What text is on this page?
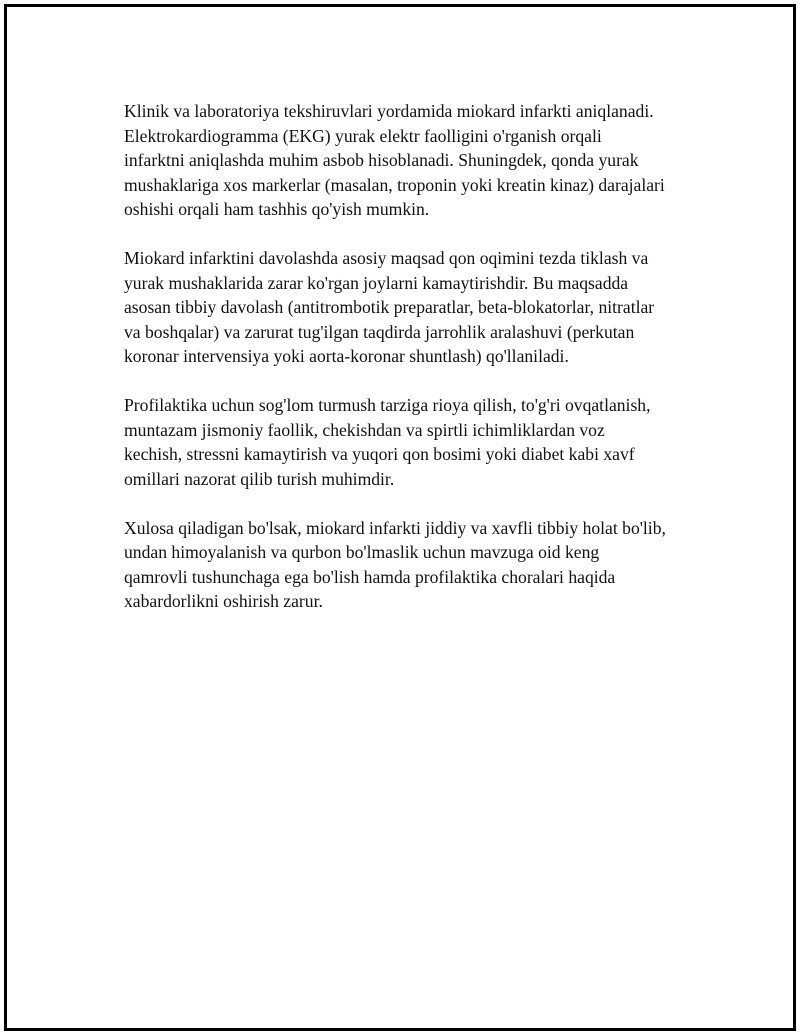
Klinik va laboratoriya tekshiruvlari yordamida miokard infarkti aniqlanadi.
Elektrokardiogramma (EKG) yurak elektr faolligini o'rganish orqali
infarktni aniqlashda muhim asbob hisoblanadi. Shuningdek, qonda yurak
mushaklariga xos markerlar (masalan, troponin yoki kreatin kinaz) darajalari
oshishi orqali ham tashhis qo'yish mumkin.

Miokard infarktini davolashda asosiy maqsad qon oqimini tezda tiklash va
yurak mushaklarida zarar ko'rgan joylarni kamaytirishdir. Bu maqsadda
asosan tibbiy davolash (antitrombotik preparatlar, beta-blokatorlar, nitratlar
va boshqalar) va zarurat tug'ilgan taqdirda jarrohlik aralashuvi (perkutan
koronar intervensiya yoki aorta-koronar shuntlash) qo'llaniladi.

Profilaktika uchun sog'lom turmush tarziga rioya qilish, to'g'ri ovqatlanish,
muntazam jismoniy faollik, chekishdan va spirtli ichimliklardan voz
kechish, stressni kamaytirish va yuqori qon bosimi yoki diabet kabi xavf
omillari nazorat qilib turish muhimdir.

Xulosa qiladigan bo'lsak, miokard infarkti jiddiy va xavfli tibbiy holat bo'lib,
undan himoyalanish va qurbon bo'lmaslik uchun mavzuga oid keng
qamrovli tushunchaga ega bo'lish hamda profilaktika choralari haqida
xabardorlikni oshirish zarur.
